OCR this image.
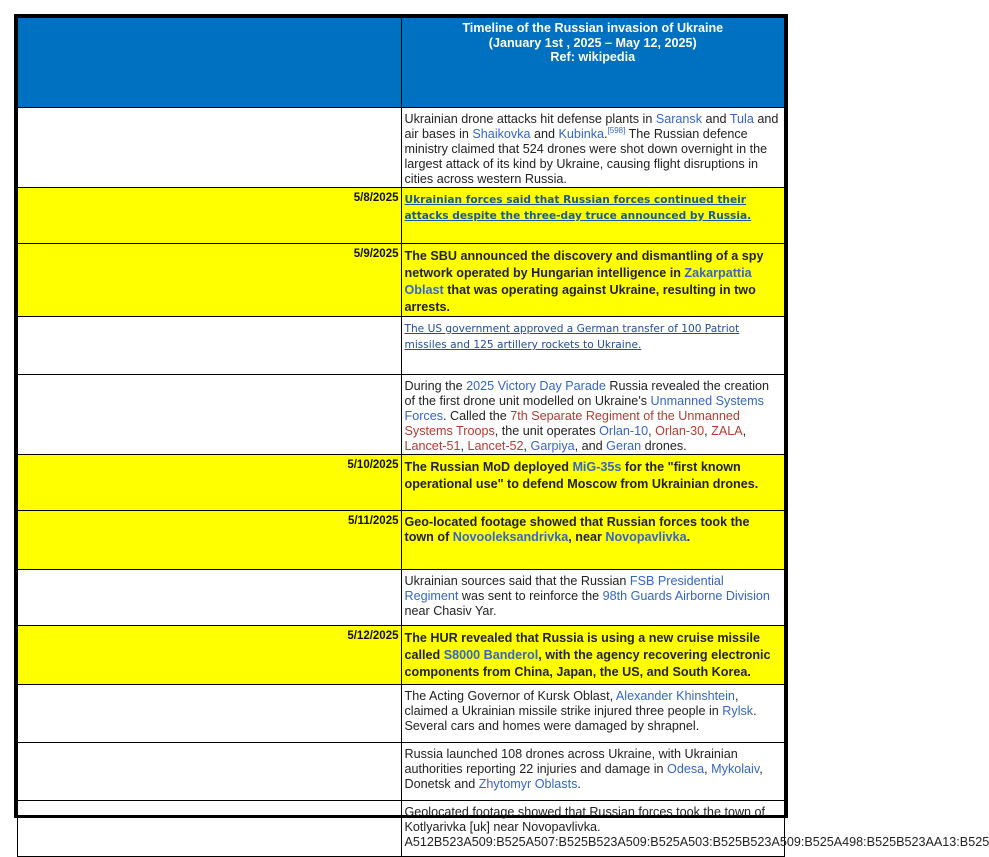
	Timeline of the Russian invasion of Ukraine
(January 1st , 2025 – May 12, 2025)
Ref: wikipedia

	Ukrainian drone attacks hit defense plants in Saransk and Tula and air bases in Shaikovka and Kubinka.[598] The Russian defence ministry claimed that 524 drones were shot down overnight in the largest attack of its kind by Ukraine, causing flight disruptions in cities across western Russia.
5/8/2025	Ukrainian forces said that Russian forces continued their attacks despite the three-day truce announced by Russia.
5/9/2025	The SBU announced the discovery and dismantling of a spy network operated by Hungarian intelligence in Zakarpattia Oblast that was operating against Ukraine, resulting in two arrests.
	The US government approved a German transfer of 100 Patriot missiles and 125 artillery rockets to Ukraine.
	During the 2025 Victory Day Parade Russia revealed the creation of the first drone unit modelled on Ukraine's Unmanned Systems Forces. Called the 7th Separate Regiment of the Unmanned Systems Troops, the unit operates Orlan-10, Orlan-30, ZALA, Lancet-51, Lancet-52, Garpiya, and Geran drones.
5/10/2025	The Russian MoD deployed MiG-35s for the "first known operational use" to defend Moscow from Ukrainian drones.
5/11/2025	Geo-located footage showed that Russian forces took the town of Novooleksandrivka, near Novopavlivka.
	Ukrainian sources said that the Russian FSB Presidential Regiment was sent to reinforce the 98th Guards Airborne Division near Chasiv Yar.
5/12/2025	The HUR revealed that Russia is using a new cruise missile called S8000 Banderol, with the agency recovering electronic components from China, Japan, the US, and South Korea.
	The Acting Governor of Kursk Oblast, Alexander Khinshtein, claimed a Ukrainian missile strike injured three people in Rylsk. Several cars and homes were damaged by shrapnel.
	Russia launched 108 drones across Ukraine, with Ukrainian authorities reporting 22 injuries and damage in Odesa, Mykolaiv, Donetsk and Zhytomyr Oblasts.

	Geolocated footage showed that Russian forces took the town of Kotlyarivka [uk] near Novopavlivka.
A512B523A509:B525A507:B525B523A509:B525A503:B525B523A509:B525A498:B525B523AA13:B525
